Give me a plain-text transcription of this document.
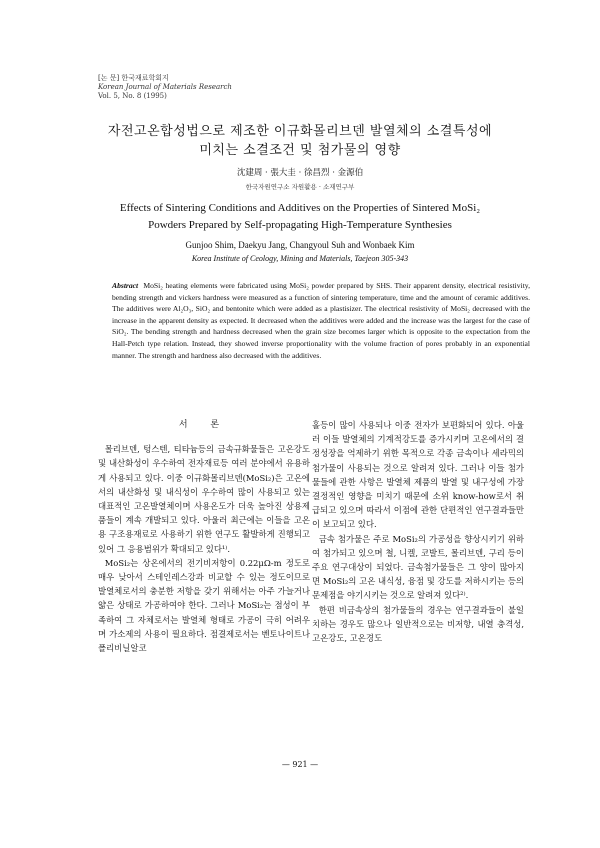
[논 문] 한국재료학회지
Korean Journal of Materials Research
Vol. 5, No. 8 (1995)
자전고온합성법으로 제조한 이규화몰리브덴 발열체의 소결특성에
미치는 소결조건 및 첨가물의 영향
沈建周 · 張大圭 · 徐昌烈 · 金源伯
한국자원연구소 자원활용 · 소재연구부
Effects of Sintering Conditions and Additives on the Properties of Sintered MoSi₂
Powders Prepared by Self-propagating High-Temperature Synthesies
Gunjoo Shim, Daekyu Jang, Changyoul Suh and Wonbaek Kim
Korea Institute of Ceology, Mining and Materials, Taejeon 305-343
Abstract MoSi₂ heating elements were fabricated using MoSi₂ powder prepared by SHS. Their apparent density, electrical resistivity, bending strength and vickers hardness were measured as a function of sintering temperature, time and the amount of ceramic additives. The additives were Al₂O₃, SiO₂ and bentonite which were added as a plastisizer. The electrical resistivity of MoSi₂ decreased with the increase in the apparent density as expected. It decreased when the additives were added and the increase was the largest for the case of SiO₂. The bending strength and hardness decreased when the grain size becomes larger which is opposite to the expectation from the Hall-Petch type relation. Instead, they showed inverse proportionality with the volume fraction of pores probably in an exponential manner. The strength and hardness also decreased with the additives.
서 론

몰리브덴, 텅스텐, 티타늄등의 금속규화물들은 고온강도 및 내산화성이 우수하여 전자재료등 여러 분야에서 유용하게 사용되고 있다. 이중 이규화몰리브덴(MoSi₂)은 고온에서의 내산화성 및 내식성이 우수하여 많이 사용되고 있는 대표적인 고온발열체이며 사용온도가 더욱 높아진 상용제품들이 계속 개발되고 있다. 아울러 최근에는 이들을 고온용 구조용재료로 사용하기 위한 연구도 활발하게 진행되고 있어 그 응용범위가 확대되고 있다¹⁾.

MoSi₂는 상온에서의 전기비저항이 0.22μΩ-m 정도로 매우 낮아서 스테인레스강과 비교할 수 있는 정도이므로 발열체로서의 충분한 저항을 갖기 위해서는 아주 가늘거나 얇은 상태로 가공하여야 한다. 그러나 MoSi₂는 점성이 부족하여 그 자체로서는 발열체 형태로 가공이 극히 어려우며 가소제의 사용이 필요하다. 점결제로서는 벤토나이트나 폴리비닐알코

홀등이 많이 사용되나 이중 전자가 보편화되어 있다. 아울러 이들 발열체의 기계적강도를 증가시키며 고온에서의 결정성장을 억제하기 위한 목적으로 각종 금속이나 세라믹의 첨가물이 사용되는 것으로 알려져 있다. 그러나 이들 첨가물들에 관한 사항은 발열체 제품의 발열 및 내구성에 가장 결정적인 영향을 미치기 때문에 소위 know-how로서 취급되고 있으며 따라서 이점에 관한 단편적인 연구결과들만이 보고되고 있다.

금속 첨가물은 주로 MoSi₂의 가공성을 향상시키기 위하여 첨가되고 있으며 철, 니켈, 코발트, 몰리브덴, 구리 등이 주요 연구대상이 되었다. 금속첨가물들은 그 양이 많아지면 MoSi₂의 고온 내식성, 융점 및 강도를 저하시키는 등의 문제점을 야기시키는 것으로 알려져 있다²⁾.

한편 비금속상의 첨가물들의 경우는 연구결과들이 불일치하는 경우도 많으나 일반적으로는 비저항, 내열 충격성, 고온강도, 고온경도

— 921 —
